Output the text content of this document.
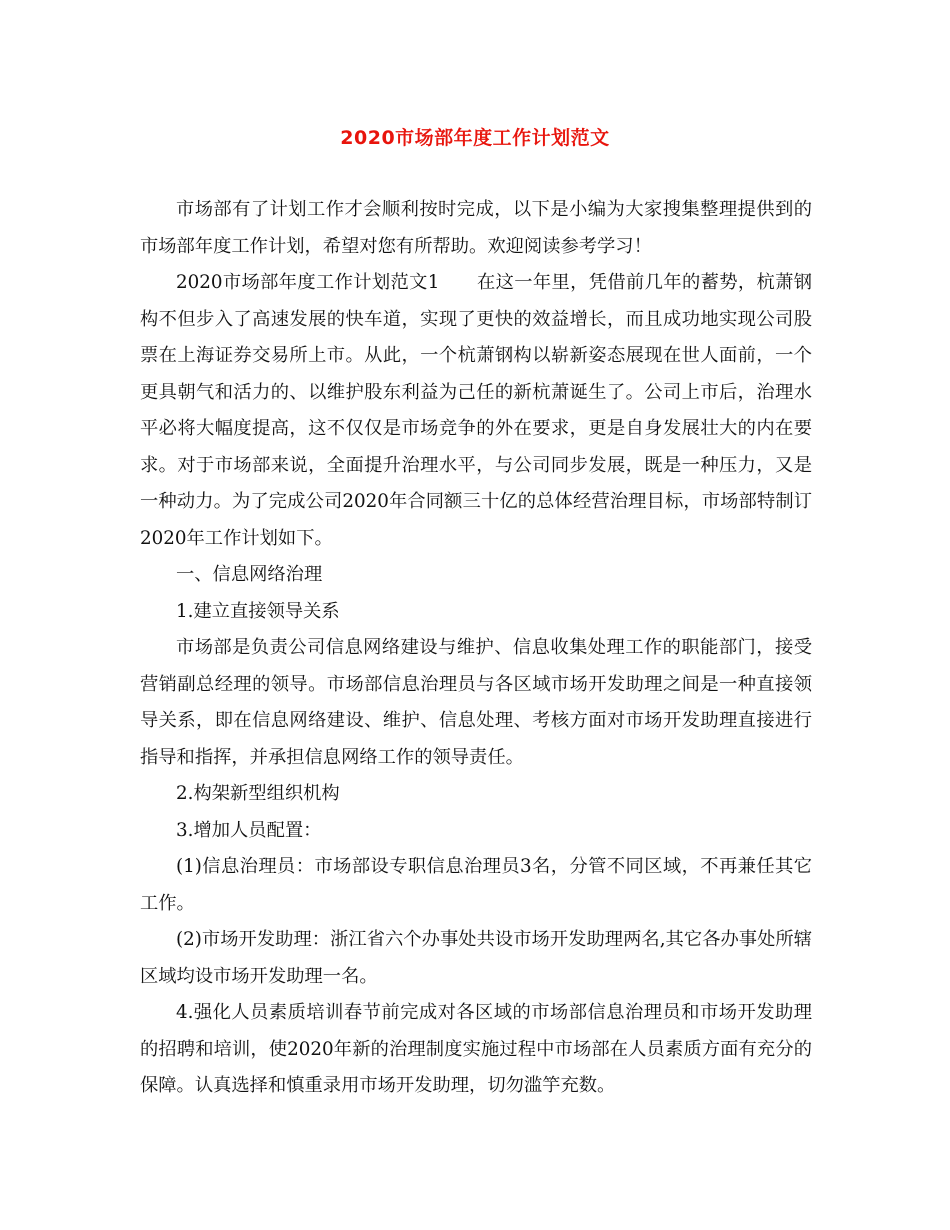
2020市场部年度工作计划范文

市场部有了计划工作才会顺利按时完成，以下是小编为大家搜集整理提供到的市场部年度工作计划，希望对您有所帮助。欢迎阅读参考学习！

2020市场部年度工作计划范文1　　在这一年里，凭借前几年的蓄势，杭萧钢构不但步入了高速发展的快车道，实现了更快的效益增长，而且成功地实现公司股票在上海证券交易所上市。从此，一个杭萧钢构以崭新姿态展现在世人面前，一个更具朝气和活力的、以维护股东利益为己任的新杭萧诞生了。公司上市后，治理水平必将大幅度提高，这不仅仅是市场竞争的外在要求，更是自身发展壮大的内在要求。对于市场部来说，全面提升治理水平，与公司同步发展，既是一种压力，又是一种动力。为了完成公司2020年合同额三十亿的总体经营治理目标，市场部特制订2020年工作计划如下。

一、信息网络治理

1.建立直接领导关系

市场部是负责公司信息网络建设与维护、信息收集处理工作的职能部门，接受营销副总经理的领导。市场部信息治理员与各区域市场开发助理之间是一种直接领导关系，即在信息网络建设、维护、信息处理、考核方面对市场开发助理直接进行指导和指挥，并承担信息网络工作的领导责任。

2.构架新型组织机构

3.增加人员配置：

(1)信息治理员：市场部设专职信息治理员3名，分管不同区域，不再兼任其它工作。

(2)市场开发助理：浙江省六个办事处共设市场开发助理两名,其它各办事处所辖区域均设市场开发助理一名。

4.强化人员素质培训春节前完成对各区域的市场部信息治理员和市场开发助理的招聘和培训，使2020年新的治理制度实施过程中市场部在人员素质方面有充分的保障。认真选择和慎重录用市场开发助理，切勿滥竽充数。
